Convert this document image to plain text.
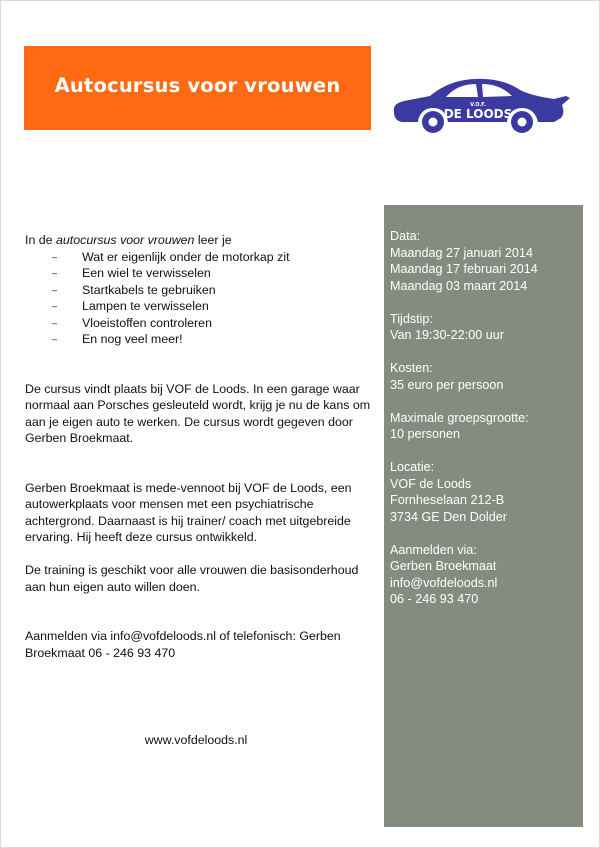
Autocursus voor vrouwen
V.O.F.
DE LOODS
Data:
Maandag 27 januari 2014
Maandag 17 februari 2014
Maandag 03 maart 2014
Tijdstip:
Van 19:30-22:00 uur
Kosten:
35 euro per persoon
Maximale groepsgrootte:
10 personen
Locatie:
VOF de Loods
Fornheselaan 212-B
3734 GE Den Dolder
Aanmelden via:
Gerben Broekmaat
info@vofdeloods.nl
06 - 246 93 470

In de autocursus voor vrouwen leer je

– Wat er eigenlijk onder de motorkap zit
– Een wiel te verwisselen
– Startkabels te gebruiken
– Lampen te verwisselen
– Vloeistoffen controleren
– En nog veel meer!

De cursus vindt plaats bij VOF de Loods. In een garage waar normaal aan Porsches gesleuteld wordt, krijg je nu de kans om aan je eigen auto te werken. De cursus wordt gegeven door Gerben Broekmaat.

Gerben Broekmaat is mede-vennoot bij VOF de Loods, een autowerkplaats voor mensen met een psychiatrische achtergrond. Daarnaast is hij trainer/ coach met uitgebreide ervaring. Hij heeft deze cursus ontwikkeld.

De training is geschikt voor alle vrouwen die basisonderhoud aan hun eigen auto willen doen.

Aanmelden via info@vofdeloods.nl of telefonisch: Gerben Broekmaat 06 - 246 93 470

www.vofdeloods.nl
